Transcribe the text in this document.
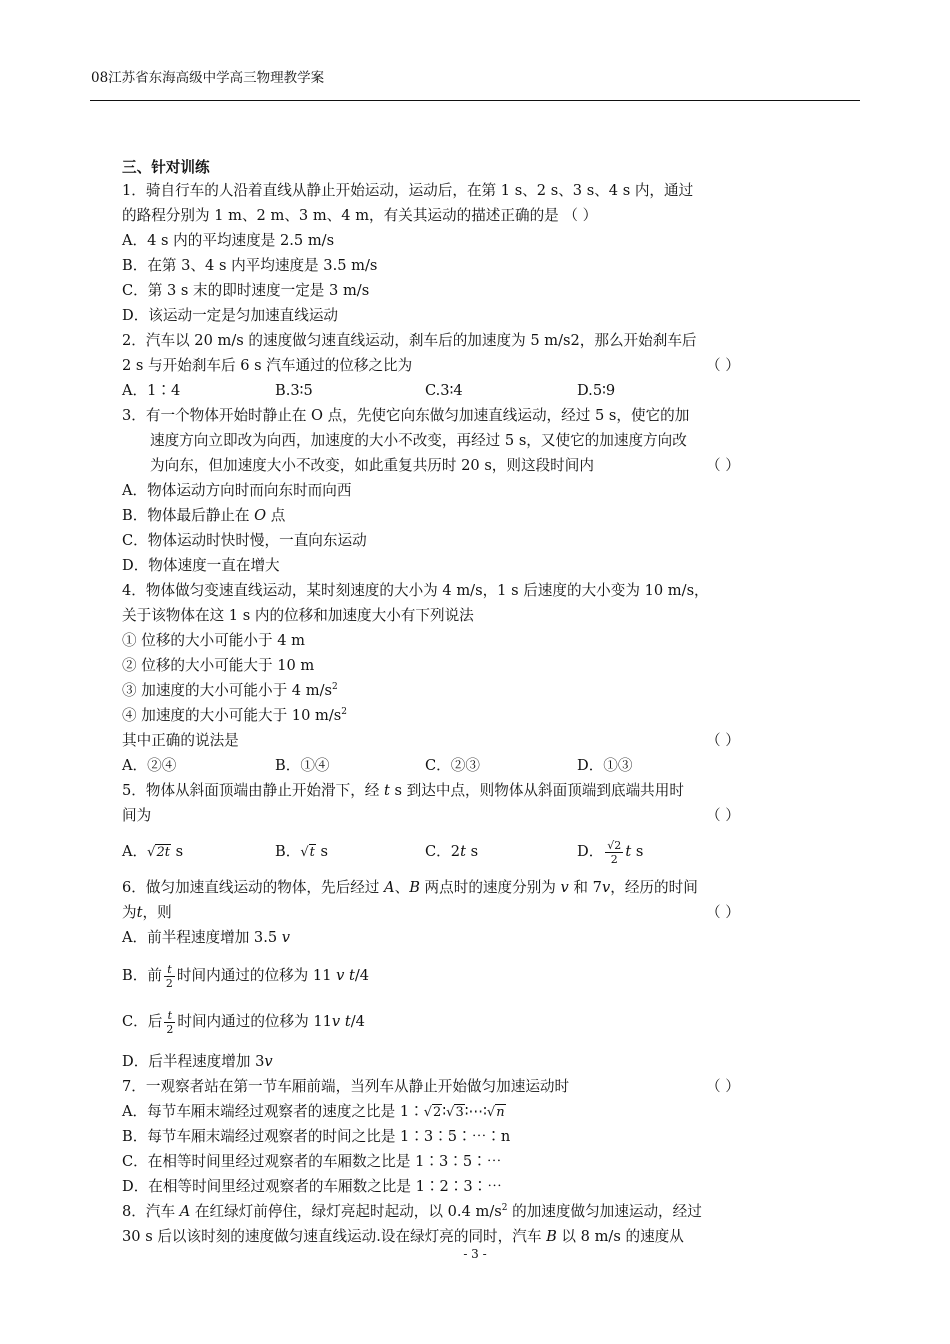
08江苏省东海高级中学高三物理教学案
三、针对训练
1．骑自行车的人沿着直线从静止开始运动，运动后，在第 1 s、2 s、3 s、4 s 内，通过
的路程分别为 1 m、2 m、3 m、4 m，有关其运动的描述正确的是 （ ）
A．4 s 内的平均速度是 2.5 m/s
B．在第 3、4 s 内平均速度是 3.5 m/s
C．第 3 s 末的即时速度一定是 3 m/s
D．该运动一定是匀加速直线运动
2．汽车以 20 m/s 的速度做匀速直线运动，刹车后的加速度为 5 m/s2，那么开始刹车后
2 s 与开始刹车后 6 s 汽车通过的位移之比为	（ ）
A．1∶4	B.3∶5	C.3∶4	D.5∶9
3．有一个物体开始时静止在 O 点，先使它向东做匀加速直线运动，经过 5 s，使它的加
速度方向立即改为向西，加速度的大小不改变，再经过 5 s，又使它的加速度方向改
为向东，但加速度大小不改变，如此重复共历时 20 s，则这段时间内	（ ）
A．物体运动方向时而向东时而向西
B．物体最后静止在 O 点
C．物体运动时快时慢，一直向东运动
D．物体速度一直在增大
4．物体做匀变速直线运动，某时刻速度的大小为 4 m/s，1 s 后速度的大小变为 10 m/s，
关于该物体在这 1 s 内的位移和加速度大小有下列说法
① 位移的大小可能小于 4 m
② 位移的大小可能大于 10 m
③ 加速度的大小可能小于 4 $m/s^2$
④ 加速度的大小可能大于 10 $m/s^2$
其中正确的说法是	（ ）
A．②④	B．①④	C．②③	D．①③
5．物体从斜面顶端由静止开始滑下，经 t s 到达中点，则物体从斜面顶端到底端共用时
间为	（ ）
A．√2t s	B．√t s	C．2t s	D． $\frac{√2}{2}$ t s
6．做匀加速直线运动的物体，先后经过 A、B 两点时的速度分别为 v 和 7v，经历的时间
为t，则	（ ）
A．前半程速度增加 3.5 v
B．前 $\frac{t}{2}$ 时间内通过的位移为 11 v t/4
C．后 $\frac{t}{2}$ 时间内通过的位移为 11v t/4
D．后半程速度增加 3v
7．一观察者站在第一节车厢前端，当列车从静止开始做匀加速运动时	（ ）
A．每节车厢末端经过观察者的速度之比是 1∶√2∶√3∶⋯∶√n
B．每节车厢末端经过观察者的时间之比是 1∶3∶5∶⋯∶n
C．在相等时间里经过观察者的车厢数之比是 1∶3∶5∶⋯
D．在相等时间里经过观察者的车厢数之比是 1∶2∶3∶⋯
8．汽车 A 在红绿灯前停住，绿灯亮起时起动，以 0.4 $m/s^2$ 的加速度做匀加速运动，经过
30 s 后以该时刻的速度做匀速直线运动.设在绿灯亮的同时，汽车 B 以 8 m/s 的速度从
- 3 -
